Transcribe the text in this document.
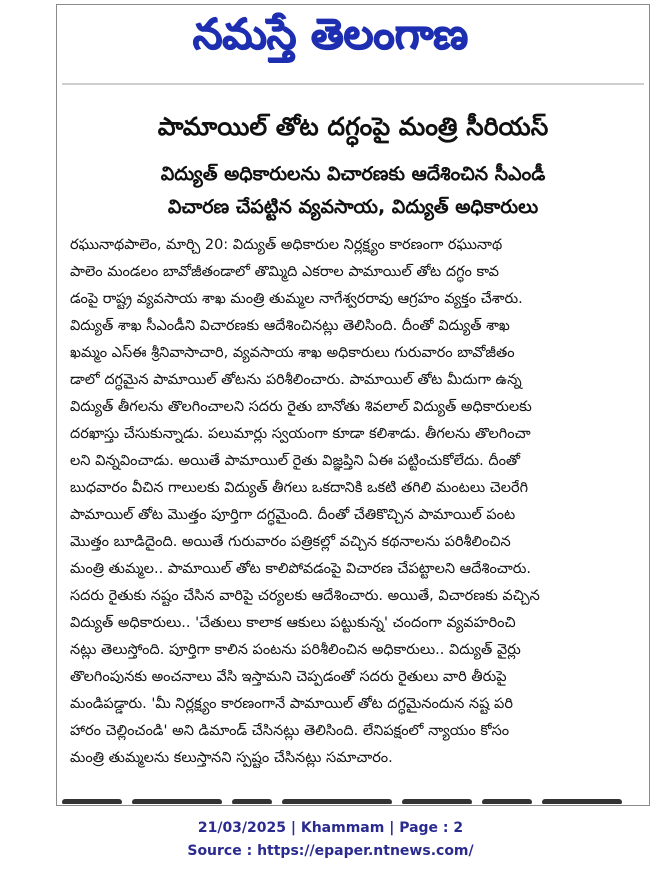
నమస్తే తెలంగాణ
పామాయిల్ తోట దగ్ధంపై మంత్రి సీరియస్
విద్యుత్ అధికారులను విచారణకు ఆదేశించిన సీఎండీ
విచారణ చేపట్టిన వ్యవసాయ, విద్యుత్ అధికారులు
రఘునాథపాలెం, మార్చి 20: విద్యుత్ అధికారుల నిర్లక్ష్యం కారణంగా రఘునాథ
పాలెం మండలం బావోజీతండాలో తొమ్మిది ఎకరాల పామాయిల్ తోట దగ్ధం కావ
డంపై రాష్ట్ర వ్యవసాయ శాఖ మంత్రి తుమ్మల నాగేశ్వరరావు ఆగ్రహం వ్యక్తం చేశారు.
విద్యుత్ శాఖ సీఎండీని విచారణకు ఆదేశించినట్లు తెలిసింది. దీంతో విద్యుత్ శాఖ
ఖమ్మం ఎస్ఈ శ్రీనివాసాచారి, వ్యవసాయ శాఖ అధికారులు గురువారం బావోజీతం
డాలో దగ్ధమైన పామాయిల్ తోటను పరిశీలించారు. పామాయిల్ తోట మీదుగా ఉన్న
విద్యుత్ తీగలను తొలగించాలని సదరు రైతు బానోతు శివలాల్ విద్యుత్ అధికారులకు
దరఖాస్తు చేసుకున్నాడు. పలుమార్లు స్వయంగా కూడా కలిశాడు. తీగలను తొలగించా
లని విన్నవించాడు. అయితే పామాయిల్ రైతు విజ్ఞప్తిని ఏఈ పట్టించుకోలేదు. దీంతో
బుధవారం వీచిన గాలులకు విద్యుత్ తీగలు ఒకదానికి ఒకటి తగిలి మంటలు చెలరేగి
పామాయిల్ తోట మొత్తం పూర్తిగా దగ్ధమైంది. దీంతో చేతికొచ్చిన పామాయిల్ పంట
మొత్తం బూడిదైంది. అయితే గురువారం పత్రికల్లో వచ్చిన కథనాలను పరిశీలించిన
మంత్రి తుమ్మల.. పామాయిల్ తోట కాలిపోవడంపై విచారణ చేపట్టాలని ఆదేశించారు.
సదరు రైతుకు నష్టం చేసిన వారిపై చర్యలకు ఆదేశించారు. అయితే, విచారణకు వచ్చిన
విద్యుత్ అధికారులు.. 'చేతులు కాలాక ఆకులు పట్టుకున్న' చందంగా వ్యవహరించి
నట్లు తెలుస్తోంది. పూర్తిగా కాలిన పంటను పరిశీలించిన అధికారులు.. విద్యుత్ వైర్లు
తొలగింపునకు అంచనాలు వేసి ఇస్తామని చెప్పడంతో సదరు రైతులు వారి తీరుపై
మండిపడ్డారు. 'మీ నిర్లక్ష్యం కారణంగానే పామాయిల్ తోట దగ్ధమైనందున నష్ట పరి
హారం చెల్లించండి' అని డిమాండ్ చేసినట్లు తెలిసింది. లేనిపక్షంలో న్యాయం కోసం
మంత్రి తుమ్మలను కలుస్తానని స్పష్టం చేసినట్లు సమాచారం.
21/03/2025 | Khammam | Page : 2
Source : https://epaper.ntnews.com/
